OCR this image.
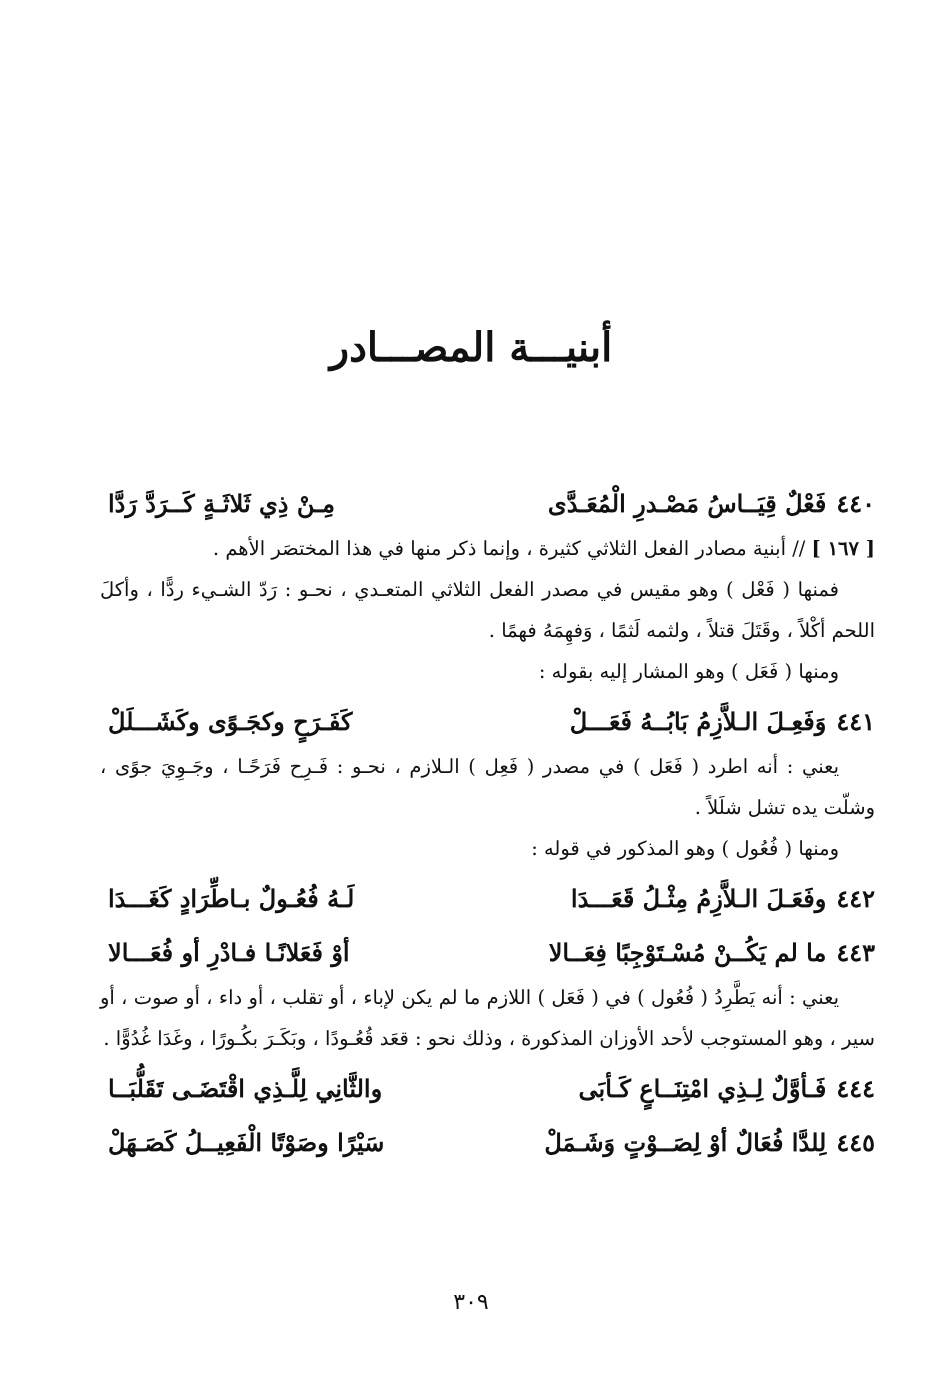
أبنيـــة المصـــادر
٤٤٠
فَعْلٌ قِيَــاسُ مَصْـدرِ الْمُعَـدَّى
مِـنْ ذِي ثَلاثَـةٍ كَــرَدَّ رَدَّا

[ ١٦٧ ] // أبنية مصادر الفعل الثلاثي كثيرة ، وإنما ذكر منها في هذا المختصَر الأهم .

فمنها ( فَعْل ) وهو مقيس في مصدر الفعل الثلاثي المتعـدي ، نحـو : رَدّ الشـيء ردًّا ، وأكلَ اللحم أكْلاً ، وقَتَلَ قتلاً ، ولثمه لَثمًا ، وَفهِمَهُ فهمًا .

ومنها ( فَعَل ) وهو المشار إليه بقوله :

٤٤١
وَفَعِـلَ الـلاَّزِمُ بَابُــهُ فَعَـــلْ
كَفَـرَحٍ وكجَـوًى وكَشَـــلَلْ

يعني : أنه اطرد ( فَعَل ) في مصدر ( فَعِل ) الـلازم ، نحـو : فَـرِح فَرَحًـا ، وجَـوِيَ جوًى ، وشلّت يده تشل شلَلاً .

ومنها ( فُعُول ) وهو المذكور في قوله :

٤٤٢
وفَعَـلَ الـلاَّزِمُ مِثْـلُ قَعَـــدَا
لَـهُ فُعُـولٌ بـاطِّرَادٍ كَغَـــدَا
٤٤٣
ما لم يَكُــنْ مُسْـتَوْجِبًا فِعَــالا
أوْ فَعَلانًـا فـادْرِ أو فُعَـــالا

يعني : أنه يَطَّرِدُ ( فُعُول ) في ( فَعَل ) اللازم ما لم يكن لإباء ، أو تقلب ، أو داء ، أو صوت ، أو سير ، وهو المستوجب لأحد الأوزان المذكورة ، وذلك نحو : قعَد قُعُـودًا ، وبَكَـرَ بكُـورًا ، وغَدَا غُدُوًّا .

٤٤٤
فَـأوَّلٌ لِـذِي امْتِنَــاعٍ كَـأبَى
والثَّانِي لِلَّـذِي اقْتَضَـى تَقَلُّبَــا
٤٤٥
لِلدَّا فُعَالٌ أوْ لِصَــوْتٍ وَشَـمَلْ
سَيْرًا وصَوْتًا الْفَعِيــلُ كَصَـهَلْ
٣٠٩
